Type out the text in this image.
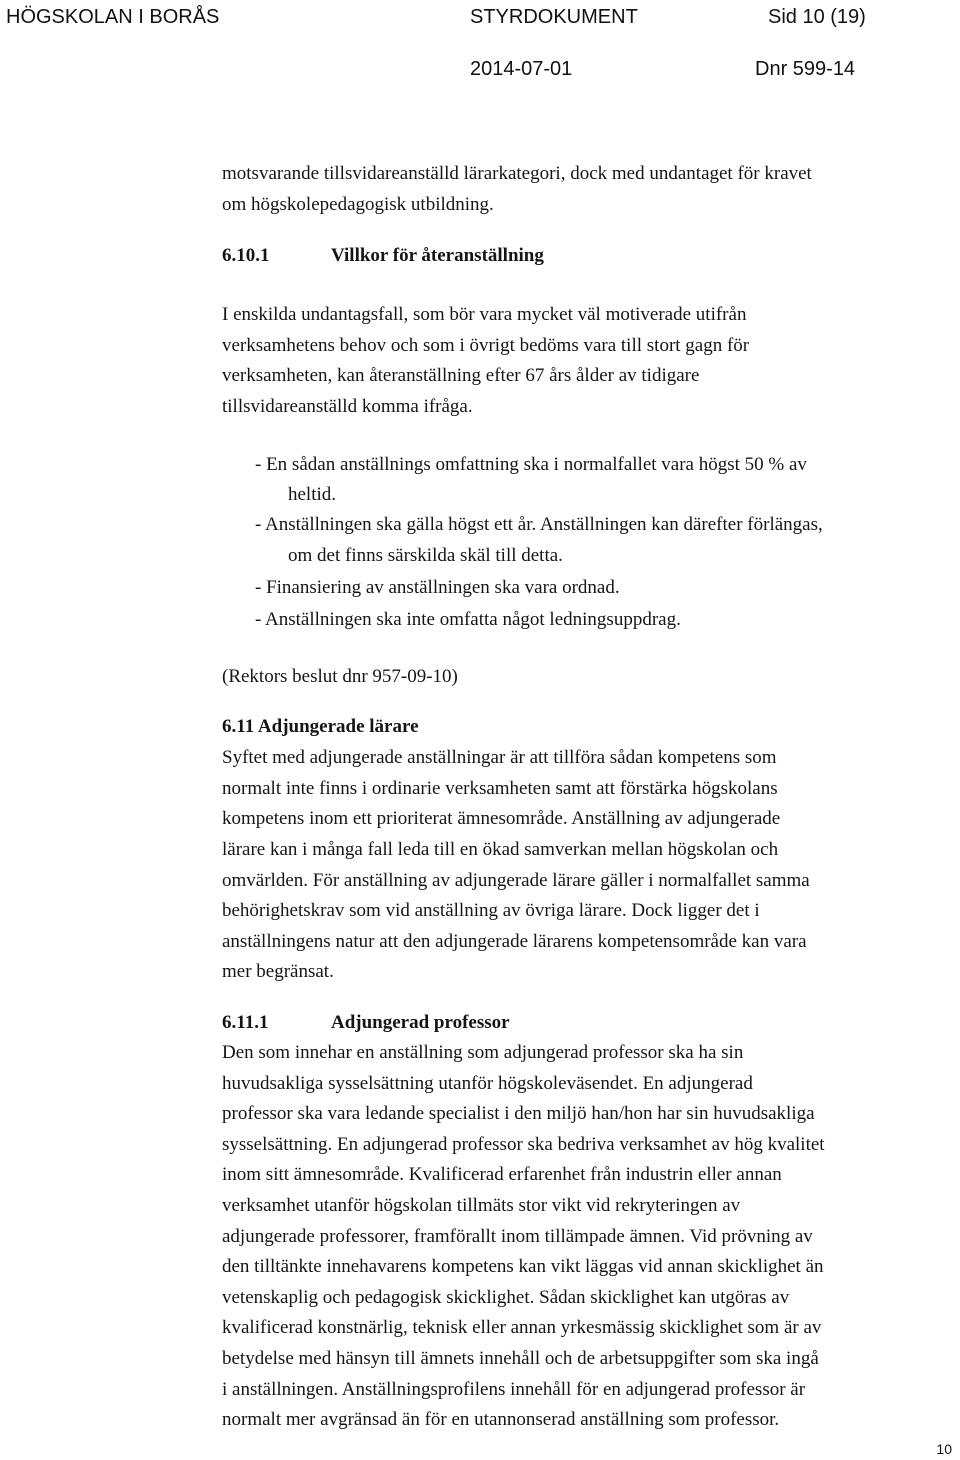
HÖGSKOLAN I BORÅS	STYRDOKUMENT	Sid 10 (19)
2014-07-01	Dnr 599-14
motsvarande tillsvidareanställd lärarkategori, dock med undantaget för kravet
om högskolepedagogisk utbildning.
6.10.1	Villkor för återanställning
I enskilda undantagsfall, som bör vara mycket väl motiverade utifrån
verksamhetens behov och som i övrigt bedöms vara till stort gagn för
verksamheten, kan återanställning efter 67 års ålder av tidigare
tillsvidareanställd komma ifråga.
- En sådan anställnings omfattning ska i normalfallet vara högst 50 % av
heltid.
- Anställningen ska gälla högst ett år. Anställningen kan därefter förlängas,
om det finns särskilda skäl till detta.
- Finansiering av anställningen ska vara ordnad.
- Anställningen ska inte omfatta något ledningsuppdrag.
(Rektors beslut dnr 957-09-10)
6.11 Adjungerade lärare
Syftet med adjungerade anställningar är att tillföra sådan kompetens som
normalt inte finns i ordinarie verksamheten samt att förstärka högskolans
kompetens inom ett prioriterat ämnesområde. Anställning av adjungerade
lärare kan i många fall leda till en ökad samverkan mellan högskolan och
omvärlden. För anställning av adjungerade lärare gäller i normalfallet samma
behörighetskrav som vid anställning av övriga lärare. Dock ligger det i
anställningens natur att den adjungerade lärarens kompetensområde kan vara
mer begränsat.
6.11.1	Adjungerad professor
Den som innehar en anställning som adjungerad professor ska ha sin
huvudsakliga sysselsättning utanför högskoleväsendet. En adjungerad
professor ska vara ledande specialist i den miljö han/hon har sin huvudsakliga
sysselsättning. En adjungerad professor ska bedriva verksamhet av hög kvalitet
inom sitt ämnesområde. Kvalificerad erfarenhet från industrin eller annan
verksamhet utanför högskolan tillmäts stor vikt vid rekryteringen av
adjungerade professorer, framförallt inom tillämpade ämnen. Vid prövning av
den tilltänkte innehavarens kompetens kan vikt läggas vid annan skicklighet än
vetenskaplig och pedagogisk skicklighet. Sådan skicklighet kan utgöras av
kvalificerad konstnärlig, teknisk eller annan yrkesmässig skicklighet som är av
betydelse med hänsyn till ämnets innehåll och de arbetsuppgifter som ska ingå
i anställningen. Anställningsprofilens innehåll för en adjungerad professor är
normalt mer avgränsad än för en utannonserad anställning som professor.
10
